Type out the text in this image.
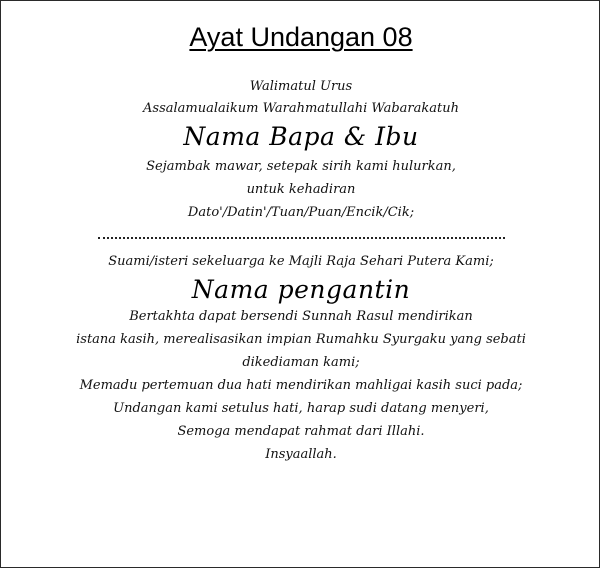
Ayat Undangan 08
Walimatul Urus
Assalamualaikum Warahmatullahi Wabarakatuh
Nama Bapa & Ibu
Sejambak mawar, setepak sirih kami hulurkan,
untuk kehadiran
Dato'/Datin'/Tuan/Puan/Encik/Cik;
Suami/isteri sekeluarga ke Majli Raja Sehari Putera Kami;
Nama pengantin
Bertakhta dapat bersendi Sunnah Rasul mendirikan
istana kasih, merealisasikan impian Rumahku Syurgaku yang sebati
dikediaman kami;
Memadu pertemuan dua hati mendirikan mahligai kasih suci pada;
Undangan kami setulus hati, harap sudi datang menyeri,
Semoga mendapat rahmat dari Illahi.
Insyaallah.
